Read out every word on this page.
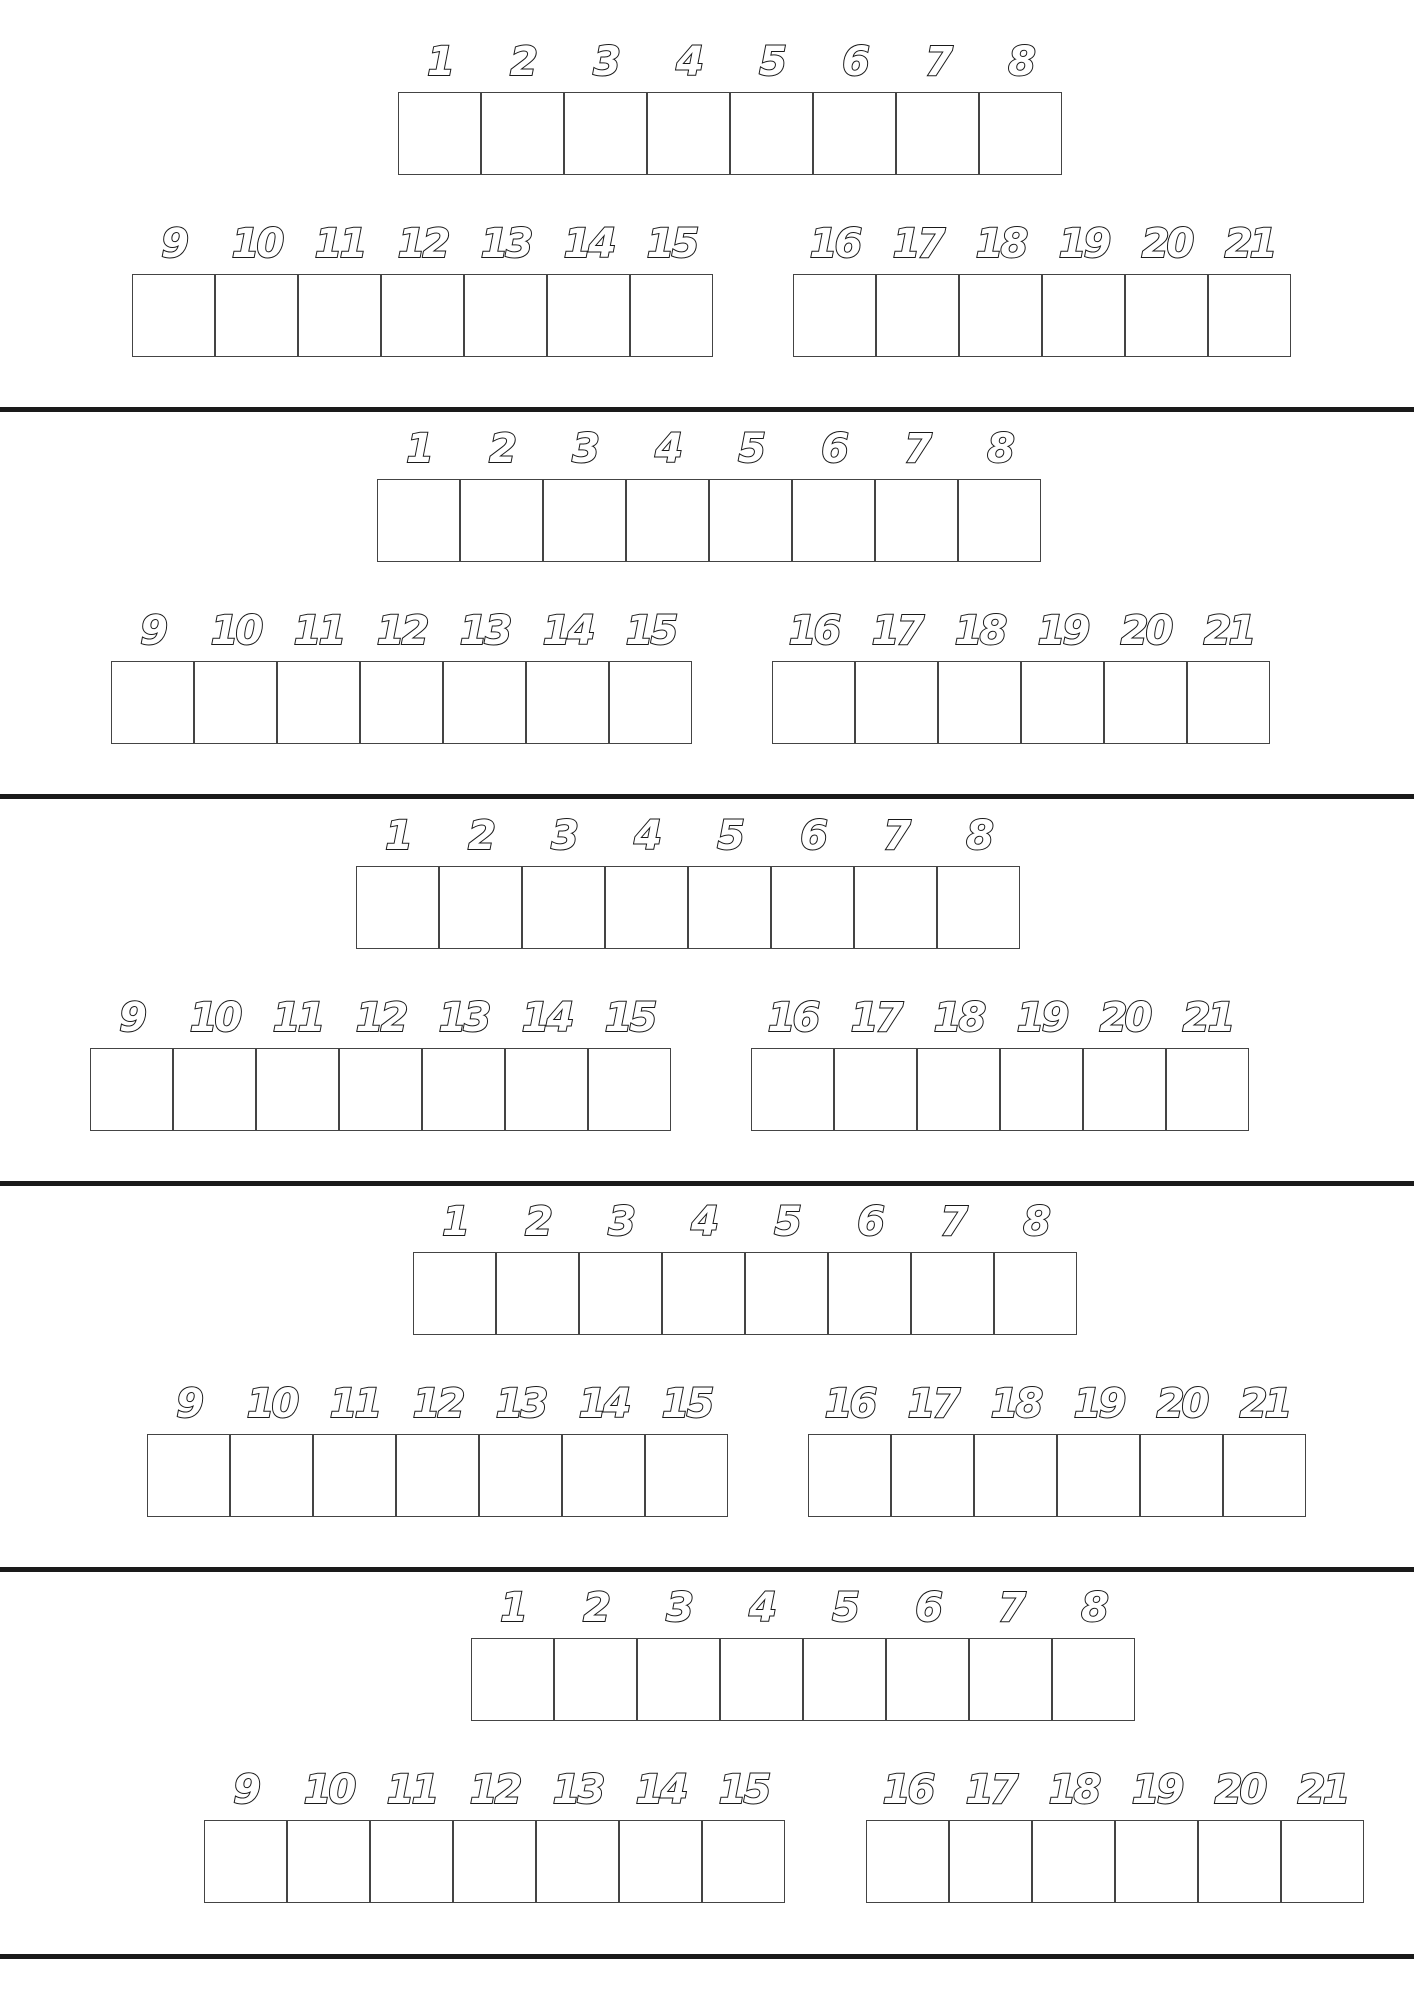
1	2	3	4	5	6	7	8
9	10 11 12 13 14 15	16 17 18 19 20 21
1	2	3	4	5	6	7	8
9	10 11 12 13 14 15	16 17 18 19 20 21
1	2	3	4	5	6	7	8
9	10 11 12 13 14 15	16 17 18 19 20 21
1	2	3	4	5	6	7	8
9	10 11 12 13 14 15	16 17 18 19 20 21
1	2	3	4	5	6	7	8
9	10 11 12 13 14 15	16 17 18 19 20 21
